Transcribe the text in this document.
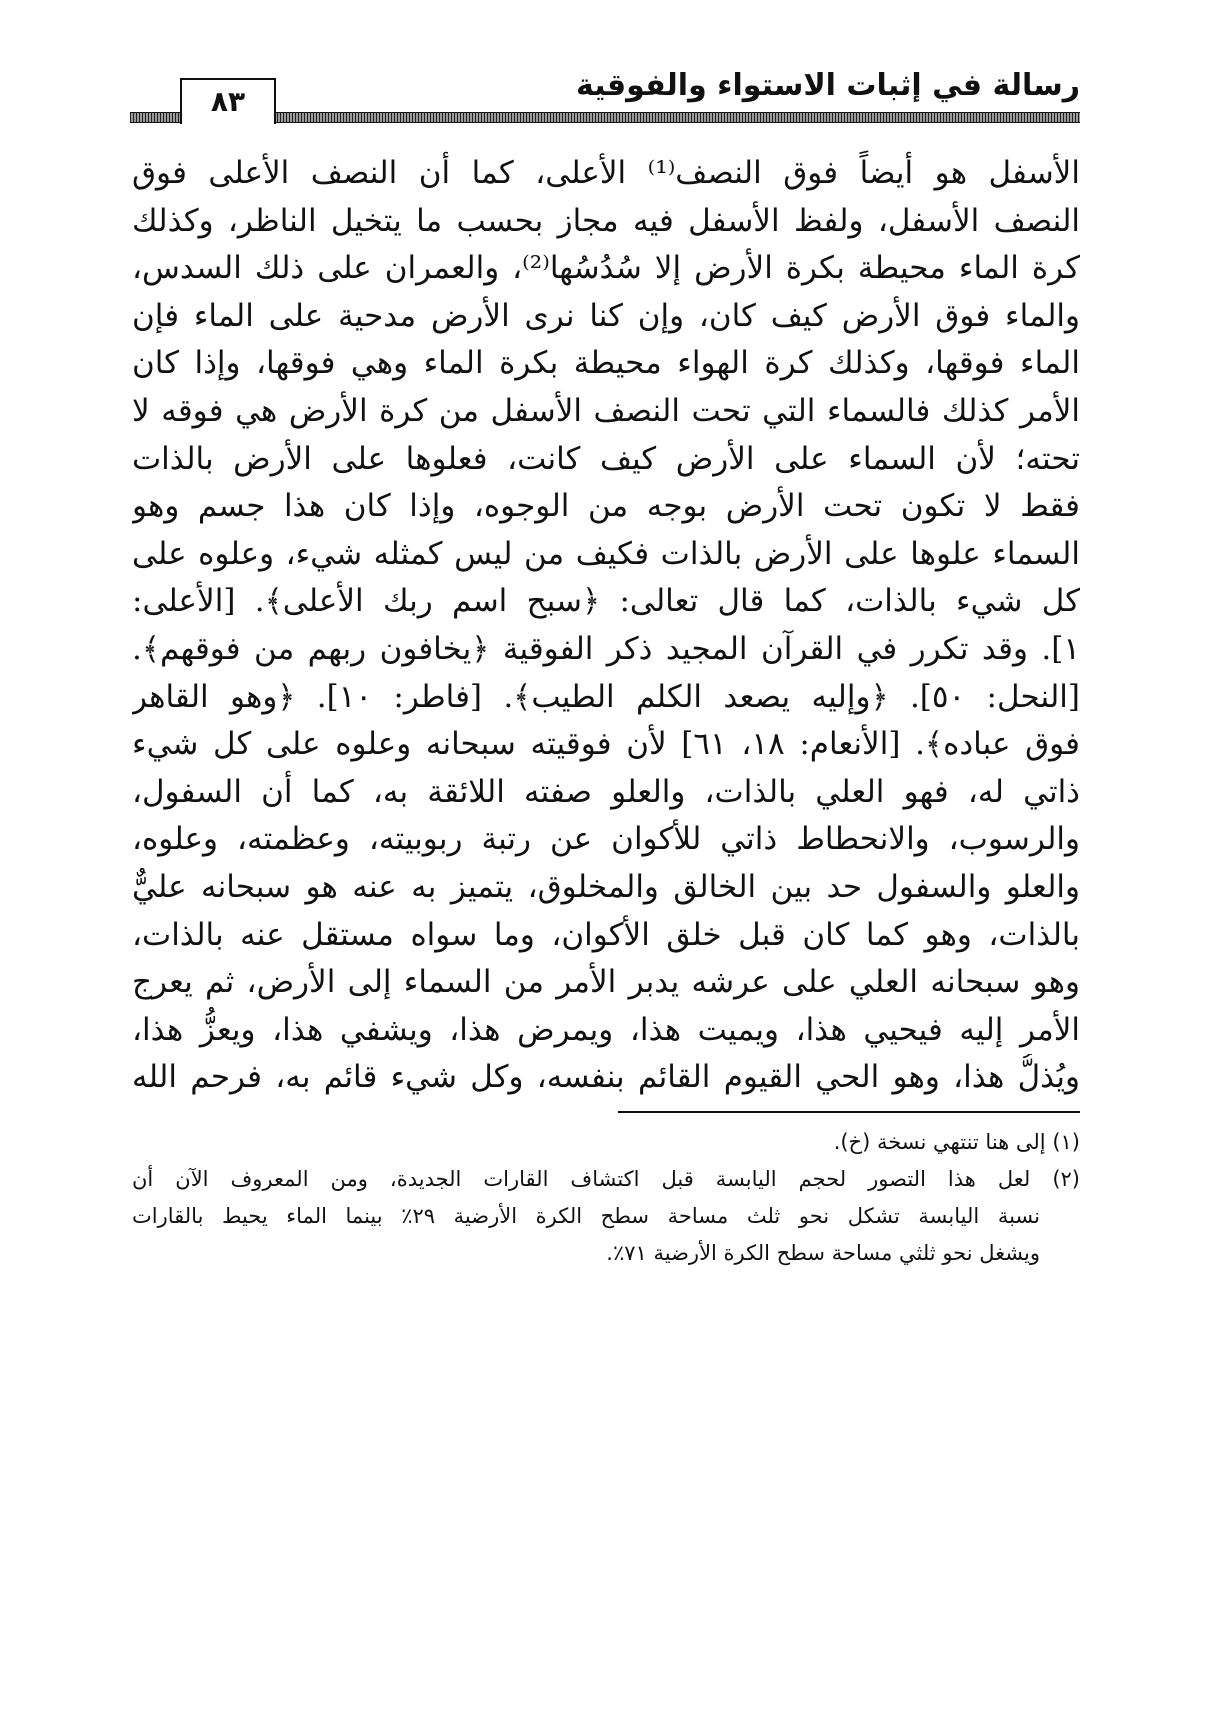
رسالة في إثبات الاستواء والفوقية
٨٣
الأسفل هو أيضاً فوق النصف⁽¹⁾ الأعلى، كما أن النصف الأعلى فوق
النصف الأسفل، ولفظ الأسفل فيه مجاز بحسب ما يتخيل الناظر، وكذلك
كرة الماء محيطة بكرة الأرض إلا سُدُسُها⁽²⁾، والعمران على ذلك السدس،
والماء فوق الأرض كيف كان، وإن كنا نرى الأرض مدحية على الماء فإن
الماء فوقها، وكذلك كرة الهواء محيطة بكرة الماء وهي فوقها، وإذا كان
الأمر كذلك فالسماء التي تحت النصف الأسفل من كرة الأرض هي فوقه لا
تحته؛ لأن السماء على الأرض كيف كانت، فعلوها على الأرض بالذات
فقط لا تكون تحت الأرض بوجه من الوجوه، وإذا كان هذا جسم وهو
السماء علوها على الأرض بالذات فكيف من ليس كمثله شيء، وعلوه على
كل شيء بالذات، كما قال تعالى: ﴿سبح اسم ربك الأعلى﴾. [الأعلى:
١]. وقد تكرر في القرآن المجيد ذكر الفوقية ﴿يخافون ربهم من فوقهم﴾.
[النحل: ٥٠]. ﴿وإليه يصعد الكلم الطيب﴾. [فاطر: ١٠]. ﴿وهو القاهر
فوق عباده﴾. [الأنعام: ١٨، ٦١] لأن فوقيته سبحانه وعلوه على كل شيء
ذاتي له، فهو العلي بالذات، والعلو صفته اللائقة به، كما أن السفول،
والرسوب، والانحطاط ذاتي للأكوان عن رتبة ربوبيته، وعظمته، وعلوه،
والعلو والسفول حد بين الخالق والمخلوق، يتميز به عنه هو سبحانه عليٌّ
بالذات، وهو كما كان قبل خلق الأكوان، وما سواه مستقل عنه بالذات،
وهو سبحانه العلي على عرشه يدبر الأمر من السماء إلى الأرض، ثم يعرج
الأمر إليه فيحيي هذا، ويميت هذا، ويمرض هذا، ويشفي هذا، ويعزُّ هذا،
ويُذلُّ هذا، وهو الحي القيوم القائم بنفسه، وكل شيء قائم به، فرحم الله
(١) إلى هنا تنتهي نسخة (خ).
(٢) لعل هذا التصور لحجم اليابسة قبل اكتشاف القارات الجديدة، ومن المعروف الآن أن
نسبة اليابسة تشكل نحو ثلث مساحة سطح الكرة الأرضية ٢٩٪ بينما الماء يحيط بالقارات
ويشغل نحو ثلثي مساحة سطح الكرة الأرضية ٧١٪.
